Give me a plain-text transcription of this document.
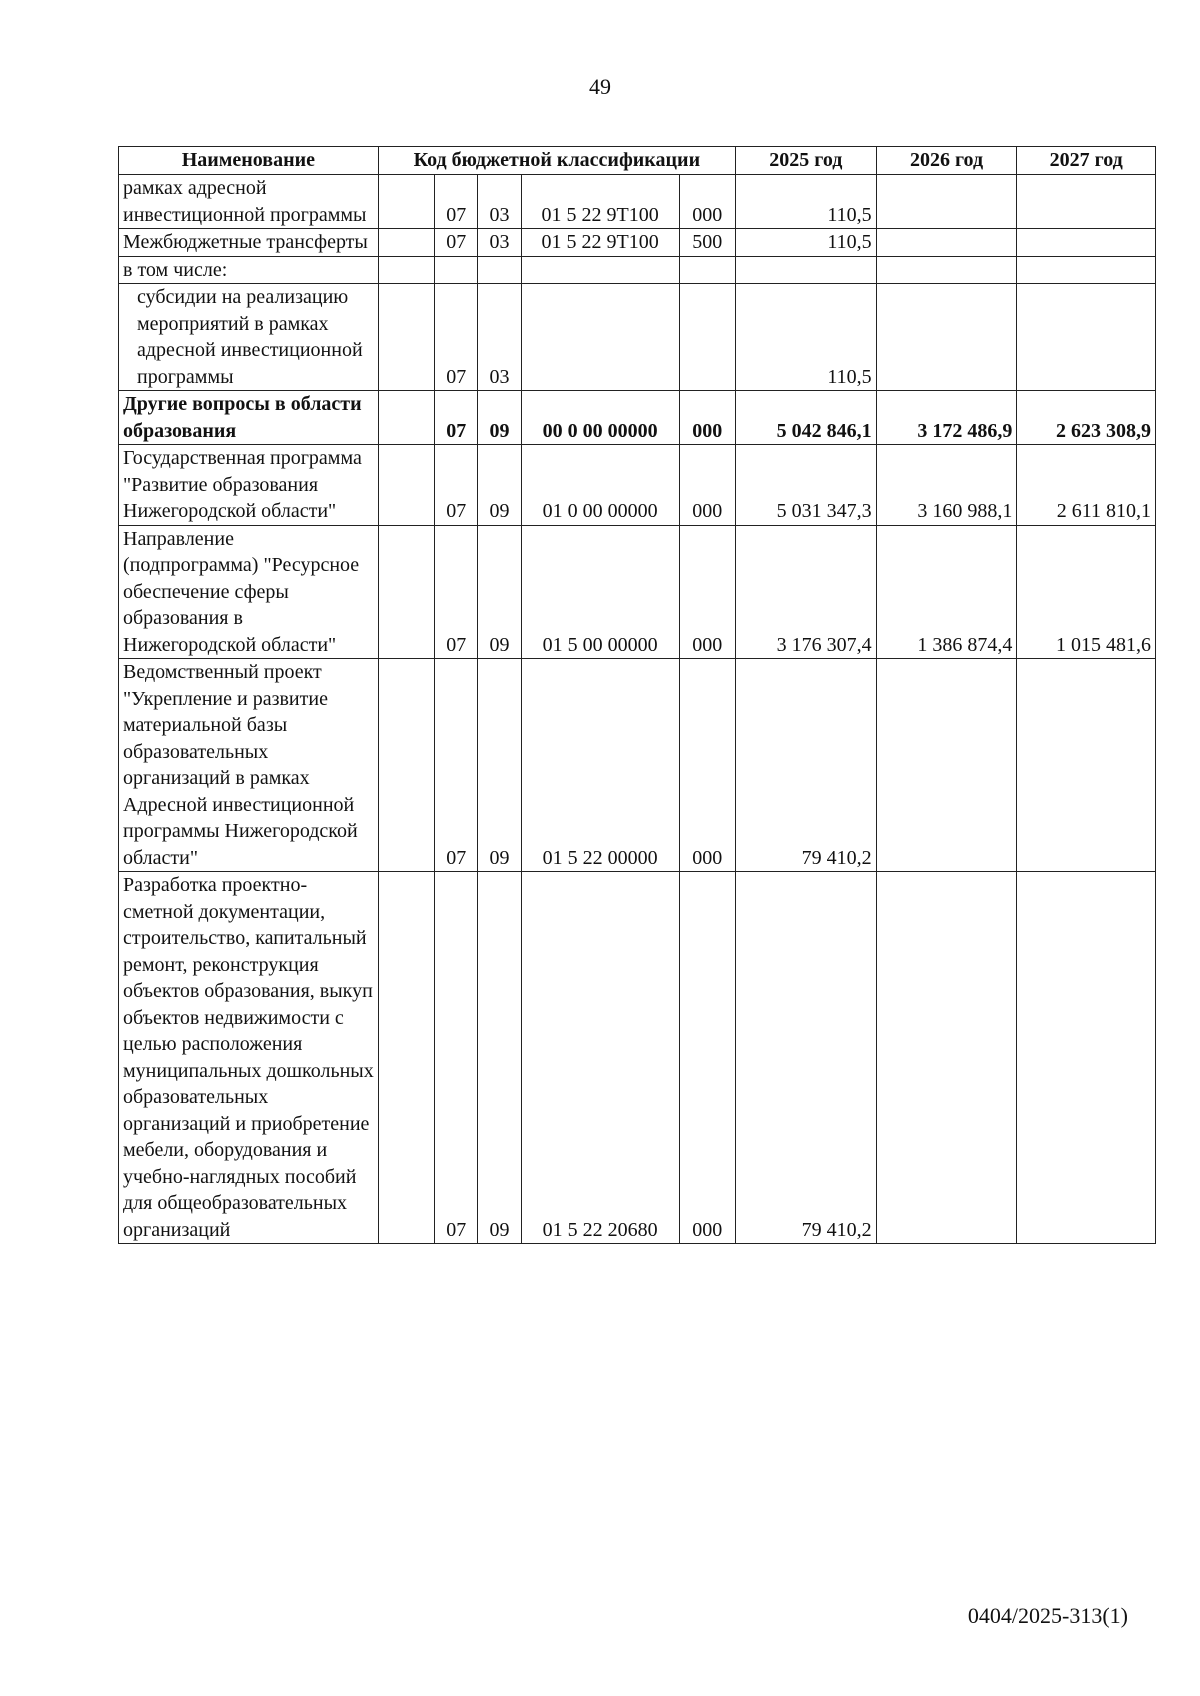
49
Наименование	Код бюджетной классификации					2025 год	2026 год	2027 год
рамках адресной инвестиционной программы		07	03	01 5 22 9Т100	000	110,5		
Межбюджетные трансферты		07	03	01 5 22 9Т100	500	110,5		
в том числе:								
субсидии на реализацию мероприятий в рамках адресной инвестиционной программы		07	03			110,5		
Другие вопросы в области образования		07	09	00 0 00 00000	000	5 042 846,1	3 172 486,9	2 623 308,9
Государственная программа "Развитие образования Нижегородской области"		07	09	01 0 00 00000	000	5 031 347,3	3 160 988,1	2 611 810,1
Направление (подпрограмма) "Ресурсное обеспечение сферы образования в Нижегородской области"		07	09	01 5 00 00000	000	3 176 307,4	1 386 874,4	1 015 481,6
Ведомственный проект "Укрепление и развитие материальной базы образовательных организаций в рамках Адресной инвестиционной программы Нижегородской области"		07	09	01 5 22 00000	000	79 410,2		
Разработка проектно-сметной документации, строительство, капитальный ремонт, реконструкция объектов образования, выкуп объектов недвижимости с целью расположения муниципальных дошкольных образовательных организаций и приобретение мебели, оборудования и учебно-наглядных пособий для общеобразовательных организаций		07	09	01 5 22 20680	000	79 410,2		
0404/2025-313(1)
